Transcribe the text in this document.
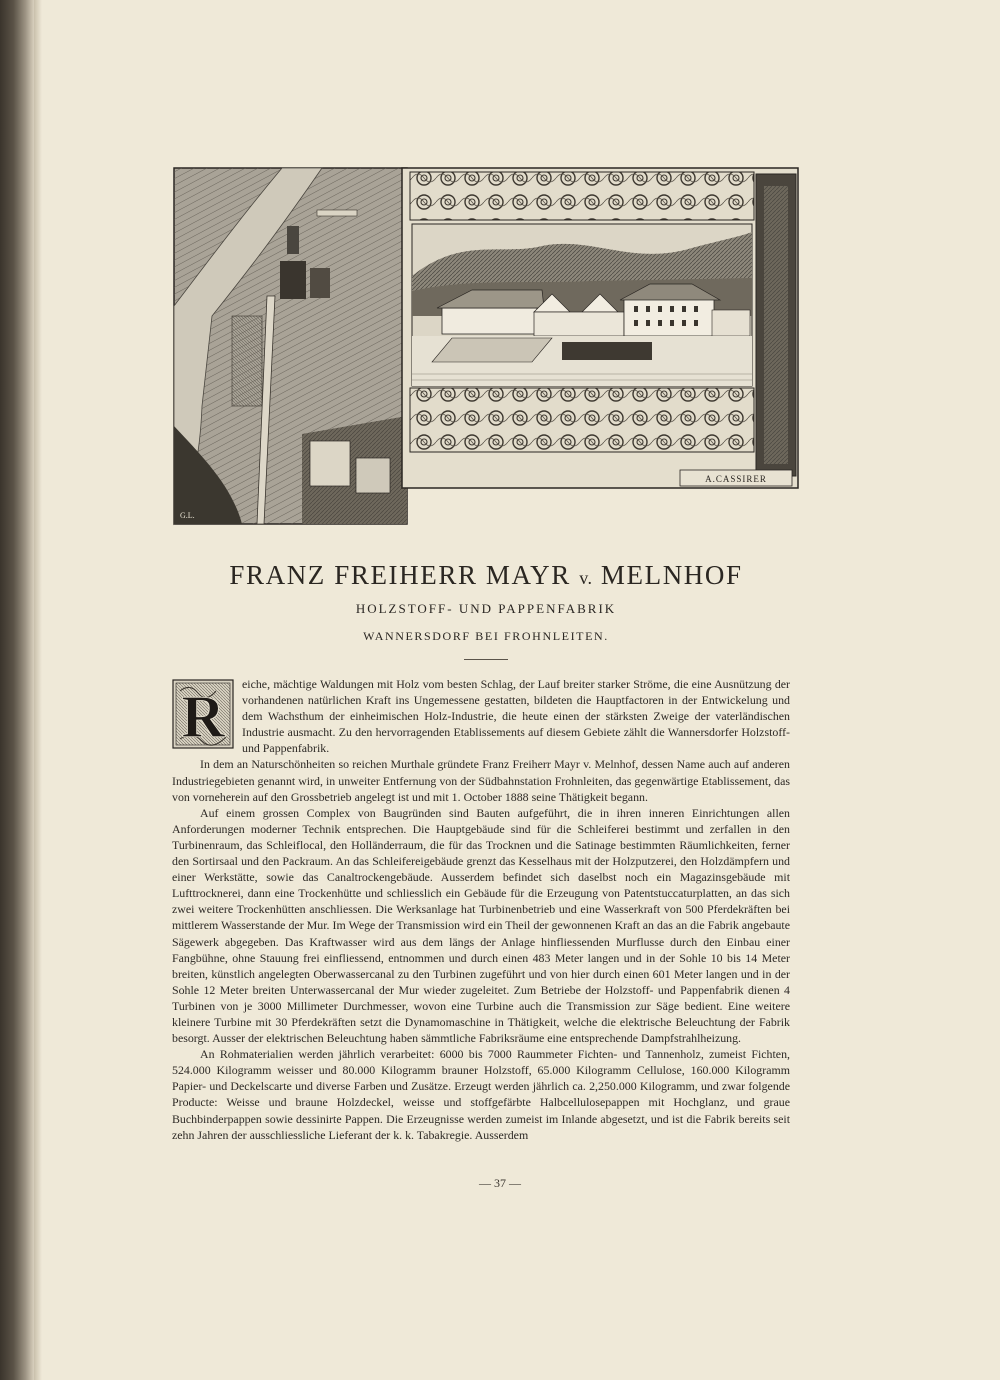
G.L.
A.CASSIRER
FRANZ FREIHERR MAYR v. MELNHOF
HOLZSTOFF- UND PAPPENFABRIK
WANNERSDORF BEI FROHNLEITEN.
R	eiche, mächtige Waldungen mit Holz vom besten Schlag, der Lauf breiter starker Ströme, die eine Ausnützung der vorhandenen natürlichen Kraft ins Ungemessene gestatten, bildeten die Hauptfactoren in der Entwickelung und dem Wachsthum der einheimischen Holz-Industrie, die heute einen der stärksten Zweige der vaterländischen Industrie ausmacht. Zu den hervorragenden Etablissements auf diesem Gebiete zählt die Wannersdorfer Holzstoff- und Pappenfabrik.

In dem an Naturschönheiten so reichen Murthale gründete Franz Freiherr Mayr v. Melnhof, dessen Name auch auf anderen Industriegebieten genannt wird, in unweiter Entfernung von der Südbahnstation Frohnleiten, das gegenwärtige Etablissement, das von vorneherein auf den Grossbetrieb angelegt ist und mit 1. October 1888 seine Thätigkeit begann.

Auf einem grossen Complex von Baugründen sind Bauten aufgeführt, die in ihren inneren Einrichtungen allen Anforderungen moderner Technik entsprechen. Die Hauptgebäude sind für die Schleiferei bestimmt und zerfallen in den Turbinenraum, das Schleiflocal, den Holländerraum, die für das Trocknen und die Satinage bestimmten Räumlichkeiten, ferner den Sortirsaal und den Packraum. An das Schleifereigebäude grenzt das Kesselhaus mit der Holzputzerei, den Holzdämpfern und einer Werkstätte, sowie das Canaltrockengebäude. Ausserdem befindet sich daselbst noch ein Magazinsgebäude mit Lufttrocknerei, dann eine Trockenhütte und schliesslich ein Gebäude für die Erzeugung von Patentstuccaturplatten, an das sich zwei weitere Trockenhütten anschliessen. Die Werksanlage hat Turbinenbetrieb und eine Wasserkraft von 500 Pferdekräften bei mittlerem Wasserstande der Mur. Im Wege der Transmission wird ein Theil der gewonnenen Kraft an das an die Fabrik angebaute Sägewerk abgegeben. Das Kraftwasser wird aus dem längs der Anlage hinfliessenden Murflusse durch den Einbau einer Fangbühne, ohne Stauung frei einfliessend, entnommen und durch einen 483 Meter langen und in der Sohle 10 bis 14 Meter breiten, künstlich angelegten Oberwassercanal zu den Turbinen zugeführt und von hier durch einen 601 Meter langen und in der Sohle 12 Meter breiten Unterwassercanal der Mur wieder zugeleitet. Zum Betriebe der Holzstoff- und Pappenfabrik dienen 4 Turbinen von je 3000 Millimeter Durchmesser, wovon eine Turbine auch die Transmission zur Säge bedient. Eine weitere kleinere Turbine mit 30 Pferdekräften setzt die Dynamomaschine in Thätigkeit, welche die elektrische Beleuchtung der Fabrik besorgt. Ausser der elektrischen Beleuchtung haben sämmtliche Fabriksräume eine entsprechende Dampfstrahlheizung.

An Rohmaterialien werden jährlich verarbeitet: 6000 bis 7000 Raummeter Fichten- und Tannenholz, zumeist Fichten, 524.000 Kilogramm weisser und 80.000 Kilogramm brauner Holzstoff, 65.000 Kilogramm Cellulose, 160.000 Kilogramm Papier- und Deckelscarte und diverse Farben und Zusätze. Erzeugt werden jährlich ca. 2,250.000 Kilogramm, und zwar folgende Producte: Weisse und braune Holzdeckel, weisse und stoffgefärbte Halbcellulosepappen mit Hochglanz, und graue Buchbinderpappen sowie dessinirte Pappen. Die Erzeugnisse werden zumeist im Inlande abgesetzt, und ist die Fabrik bereits seit zehn Jahren der ausschliessliche Lieferant der k. k. Tabakregie. Ausserdem

— 37 —
